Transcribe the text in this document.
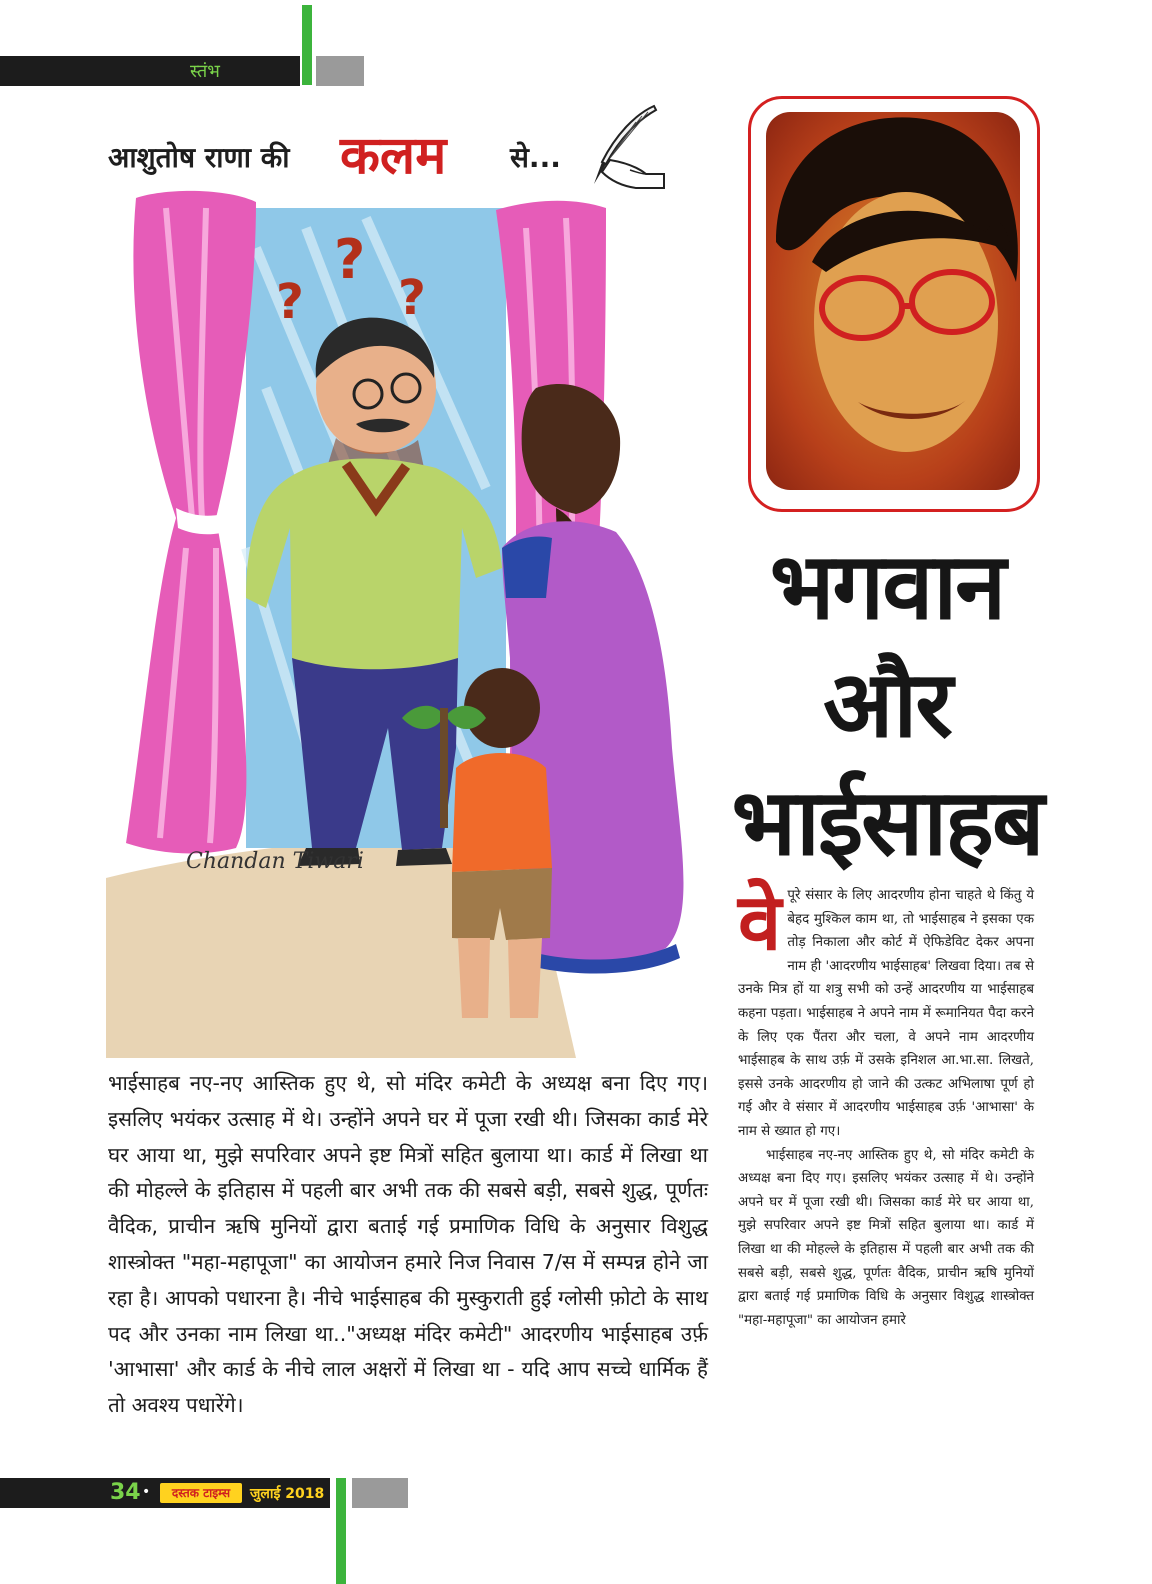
स्तंभ
आशुतोष राणा की कलम से...
?
?
?
Chandan Tiwari
भगवान
और
भाईसाहब
भाईसाहब नए-नए आस्तिक हुए थे, सो मंदिर कमेटी के अध्यक्ष बना दिए गए। इसलिए भयंकर उत्साह में थे। उन्होंने अपने घर में पूजा रखी थी। जिसका कार्ड मेरे घर आया था, मुझे सपरिवार अपने इष्ट मित्रों सहित बुलाया था। कार्ड में लिखा था की मोहल्ले के इतिहास में पहली बार अभी तक की सबसे बड़ी, सबसे शुद्ध, पूर्णतः वैदिक, प्राचीन ऋषि मुनियों द्वारा बताई गई प्रमाणिक विधि के अनुसार विशुद्ध शास्त्रोक्त "महा-महापूजा" का आयोजन हमारे निज निवास 7/स में सम्पन्न होने जा रहा है। आपको पधारना है। नीचे भाईसाहब की मुस्कुराती हुई ग्लोसी फ़ोटो के साथ पद और उनका नाम लिखा था.."अध्यक्ष मंदिर कमेटी" आदरणीय भाईसाहब उर्फ़ 'आभासा' और कार्ड के नीचे लाल अक्षरों में लिखा था - यदि आप सच्चे धार्मिक हैं तो अवश्य पधारेंगे।
वे पूरे संसार के लिए आदरणीय होना चाहते थे किंतु ये बेहद मुश्किल काम था, तो भाईसाहब ने इसका एक तोड़ निकाला और कोर्ट में ऐफिडेविट देकर अपना नाम ही 'आदरणीय भाईसाहब' लिखवा दिया। तब से उनके मित्र हों या शत्रु सभी को उन्हें आदरणीय या भाईसाहब कहना पड़ता। भाईसाहब ने अपने नाम में रूमानियत पैदा करने के लिए एक पैंतरा और चला, वे अपने नाम आदरणीय भाईसाहब के साथ उर्फ़ में उसके इनिशल आ.भा.सा. लिखते, इससे उनके आदरणीय हो जाने की उत्कट अभिलाषा पूर्ण हो गई और वे संसार में आदरणीय भाईसाहब उर्फ़ 'आभासा' के नाम से ख्यात हो गए।

भाईसाहब नए-नए आस्तिक हुए थे, सो मंदिर कमेटी के अध्यक्ष बना दिए गए। इसलिए भयंकर उत्साह में थे। उन्होंने अपने घर में पूजा रखी थी। जिसका कार्ड मेरे घर आया था, मुझे सपरिवार अपने इष्ट मित्रों सहित बुलाया था। कार्ड में लिखा था की मोहल्ले के इतिहास में पहली बार अभी तक की सबसे बड़ी, सबसे शुद्ध, पूर्णतः वैदिक, प्राचीन ऋषि मुनियों द्वारा बताई गई प्रमाणिक विधि के अनुसार विशुद्ध शास्त्रोक्त "महा-महापूजा" का आयोजन हमारे

34 •	दस्तक टाइम्स	जुलाई 2018
